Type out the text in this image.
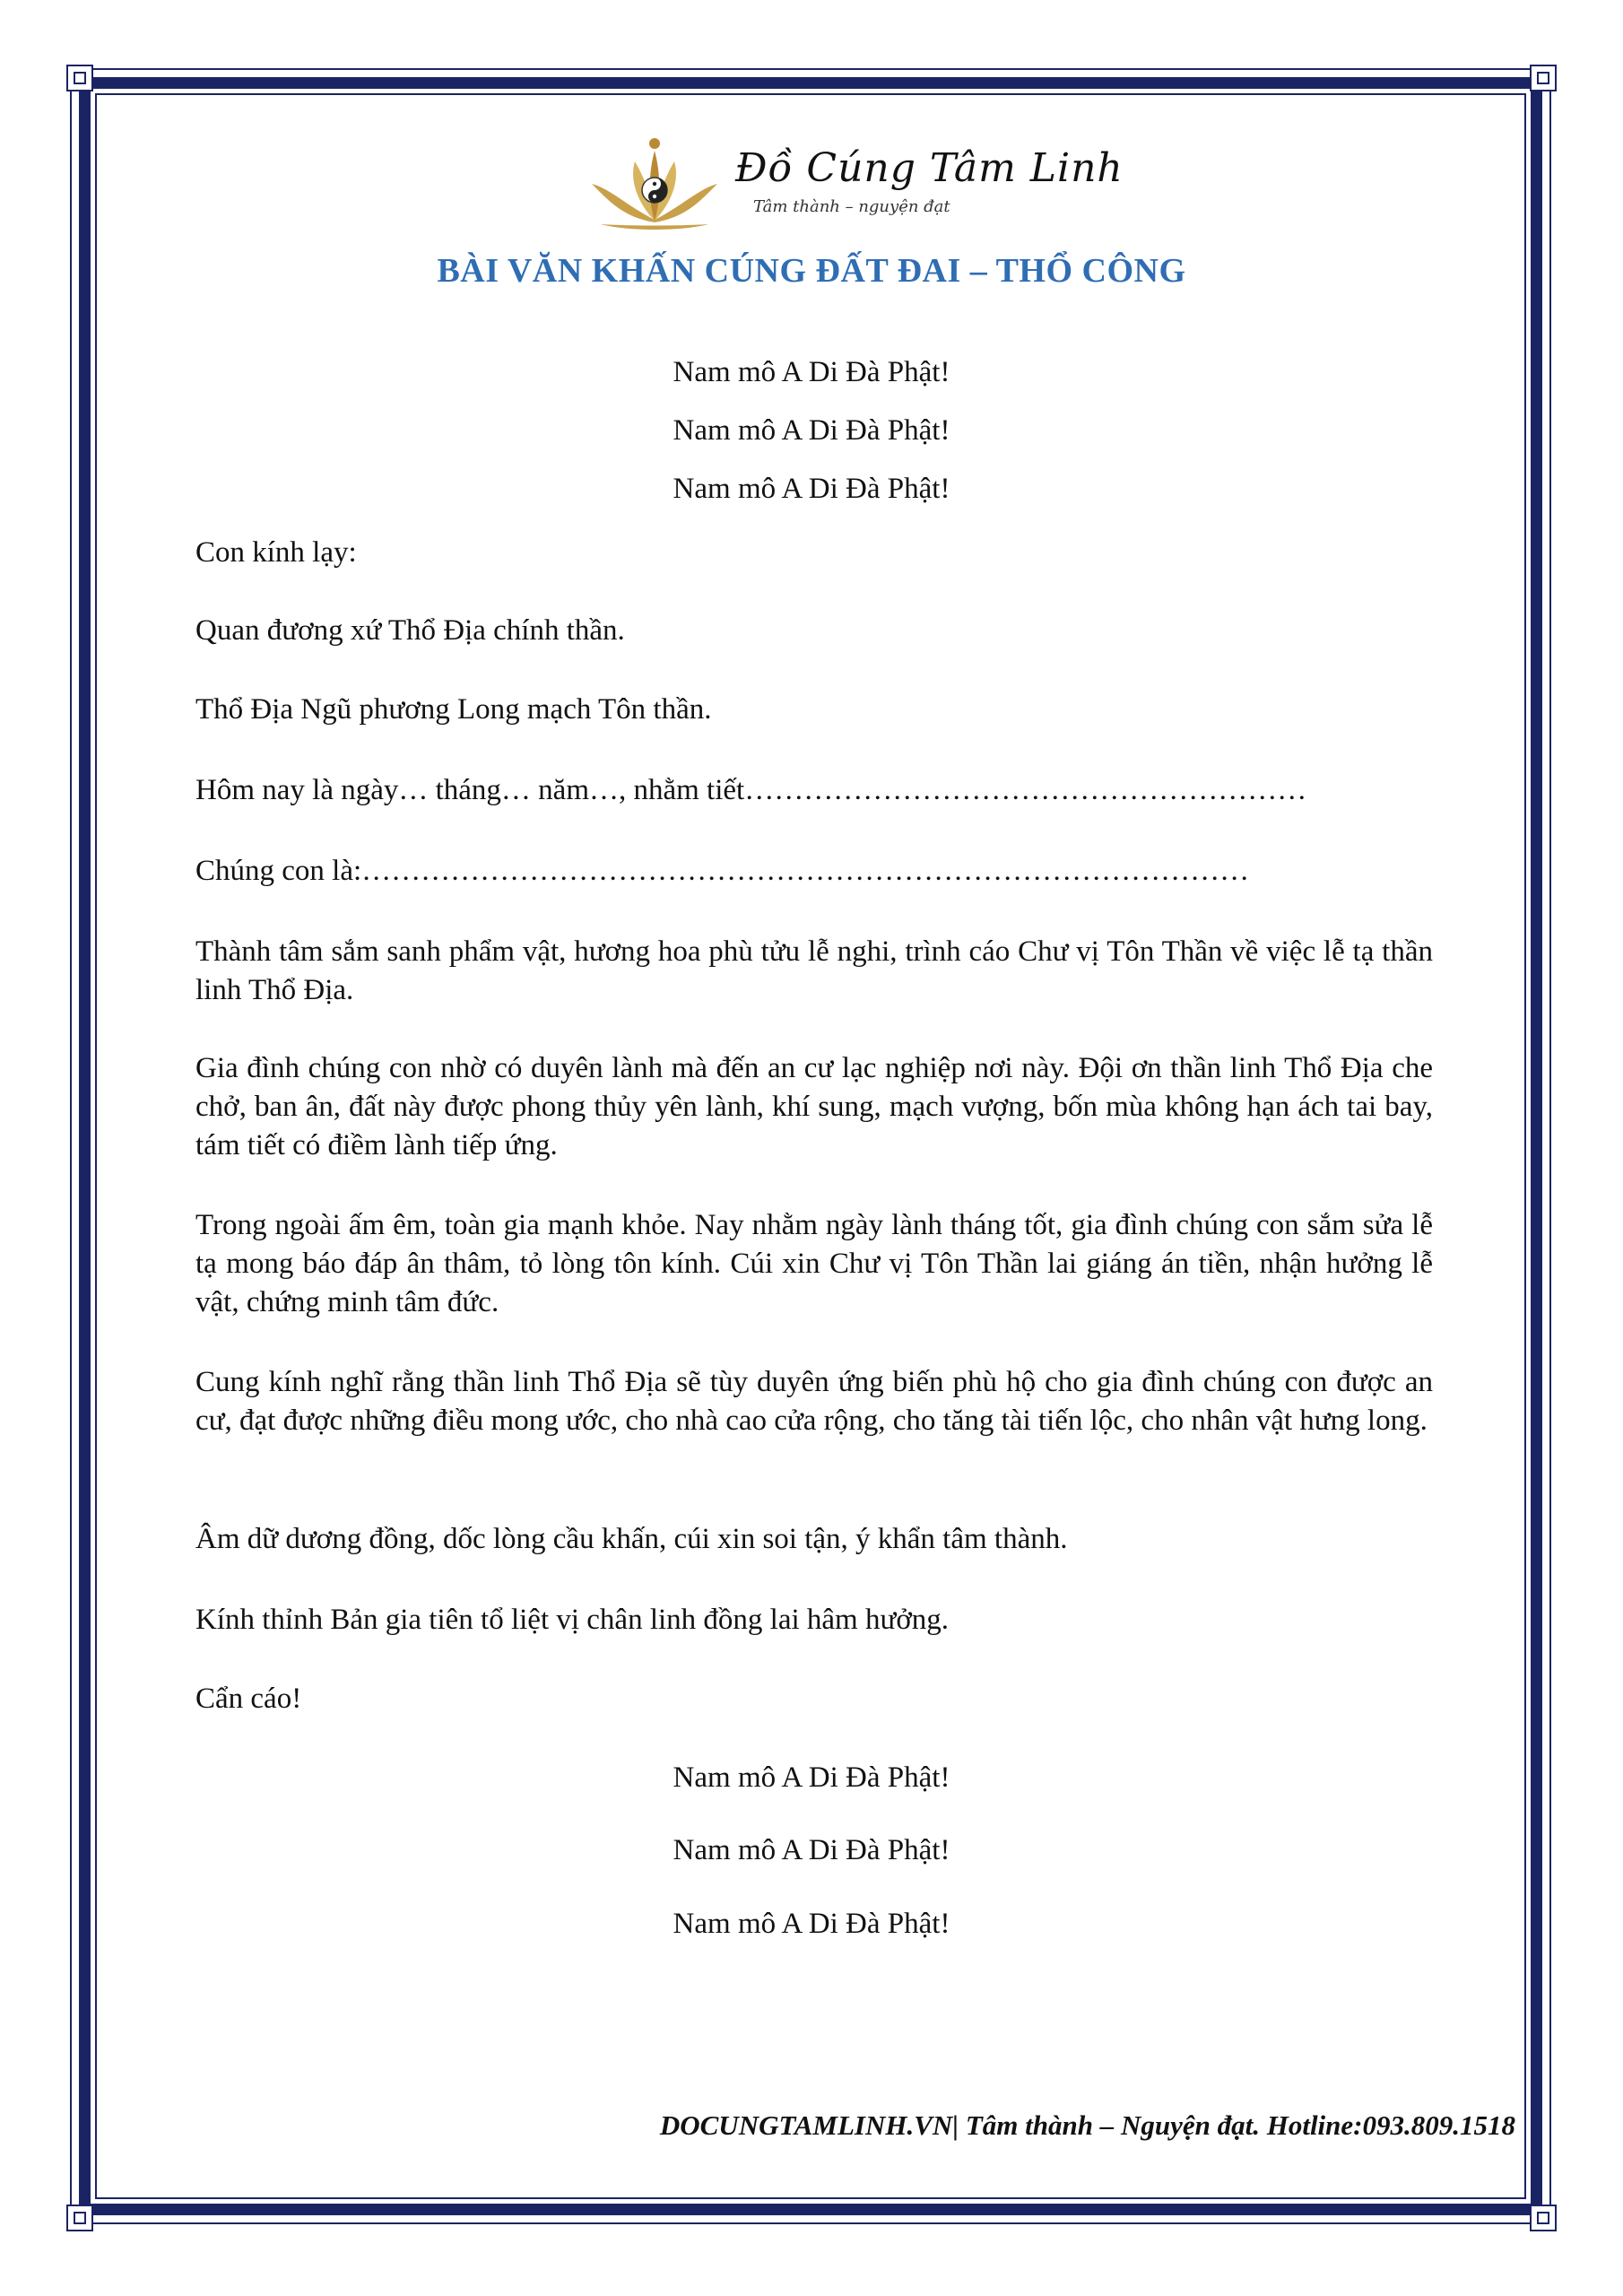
Đồ Cúng Tâm Linh
Tâm thành – nguyện đạt
BÀI VĂN KHẤN CÚNG ĐẤT ĐAI – THỔ CÔNG
Nam mô A Di Đà Phật!
Nam mô A Di Đà Phật!
Nam mô A Di Đà Phật!
Con kính lạy:
Quan đương xứ Thổ Địa chính thần.
Thổ Địa Ngũ phương Long mạch Tôn thần.
Hôm nay là ngày… tháng… năm…, nhằm tiết…………………………………………………
Chúng con là:………………………………………………………………………………
Thành tâm sắm sanh phẩm vật, hương hoa phù tửu lễ nghi, trình cáo Chư vị Tôn Thần về việc lễ tạ thần linh Thổ Địa.
Gia đình chúng con nhờ có duyên lành mà đến an cư lạc nghiệp nơi này. Đội ơn thần linh Thổ Địa che chở, ban ân, đất này được phong thủy yên lành, khí sung, mạch vượng, bốn mùa không hạn ách tai bay, tám tiết có điềm lành tiếp ứng.
Trong ngoài ấm êm, toàn gia mạnh khỏe. Nay nhằm ngày lành tháng tốt, gia đình chúng con sắm sửa lễ tạ mong báo đáp ân thâm, tỏ lòng tôn kính. Cúi xin Chư vị Tôn Thần lai giáng án tiền, nhận hưởng lễ vật, chứng minh tâm đức.
Cung kính nghĩ rằng thần linh Thổ Địa sẽ tùy duyên ứng biến phù hộ cho gia đình chúng con được an cư, đạt được những điều mong ước, cho nhà cao cửa rộng, cho tăng tài tiến lộc, cho nhân vật hưng long.
Âm dữ dương đồng, dốc lòng cầu khấn, cúi xin soi tận, ý khẩn tâm thành.
Kính thỉnh Bản gia tiên tổ liệt vị chân linh đồng lai hâm hưởng.
Cẩn cáo!
Nam mô A Di Đà Phật!
Nam mô A Di Đà Phật!
Nam mô A Di Đà Phật!
DOCUNGTAMLINH.VN| Tâm thành – Nguyện đạt. Hotline:093.809.1518
